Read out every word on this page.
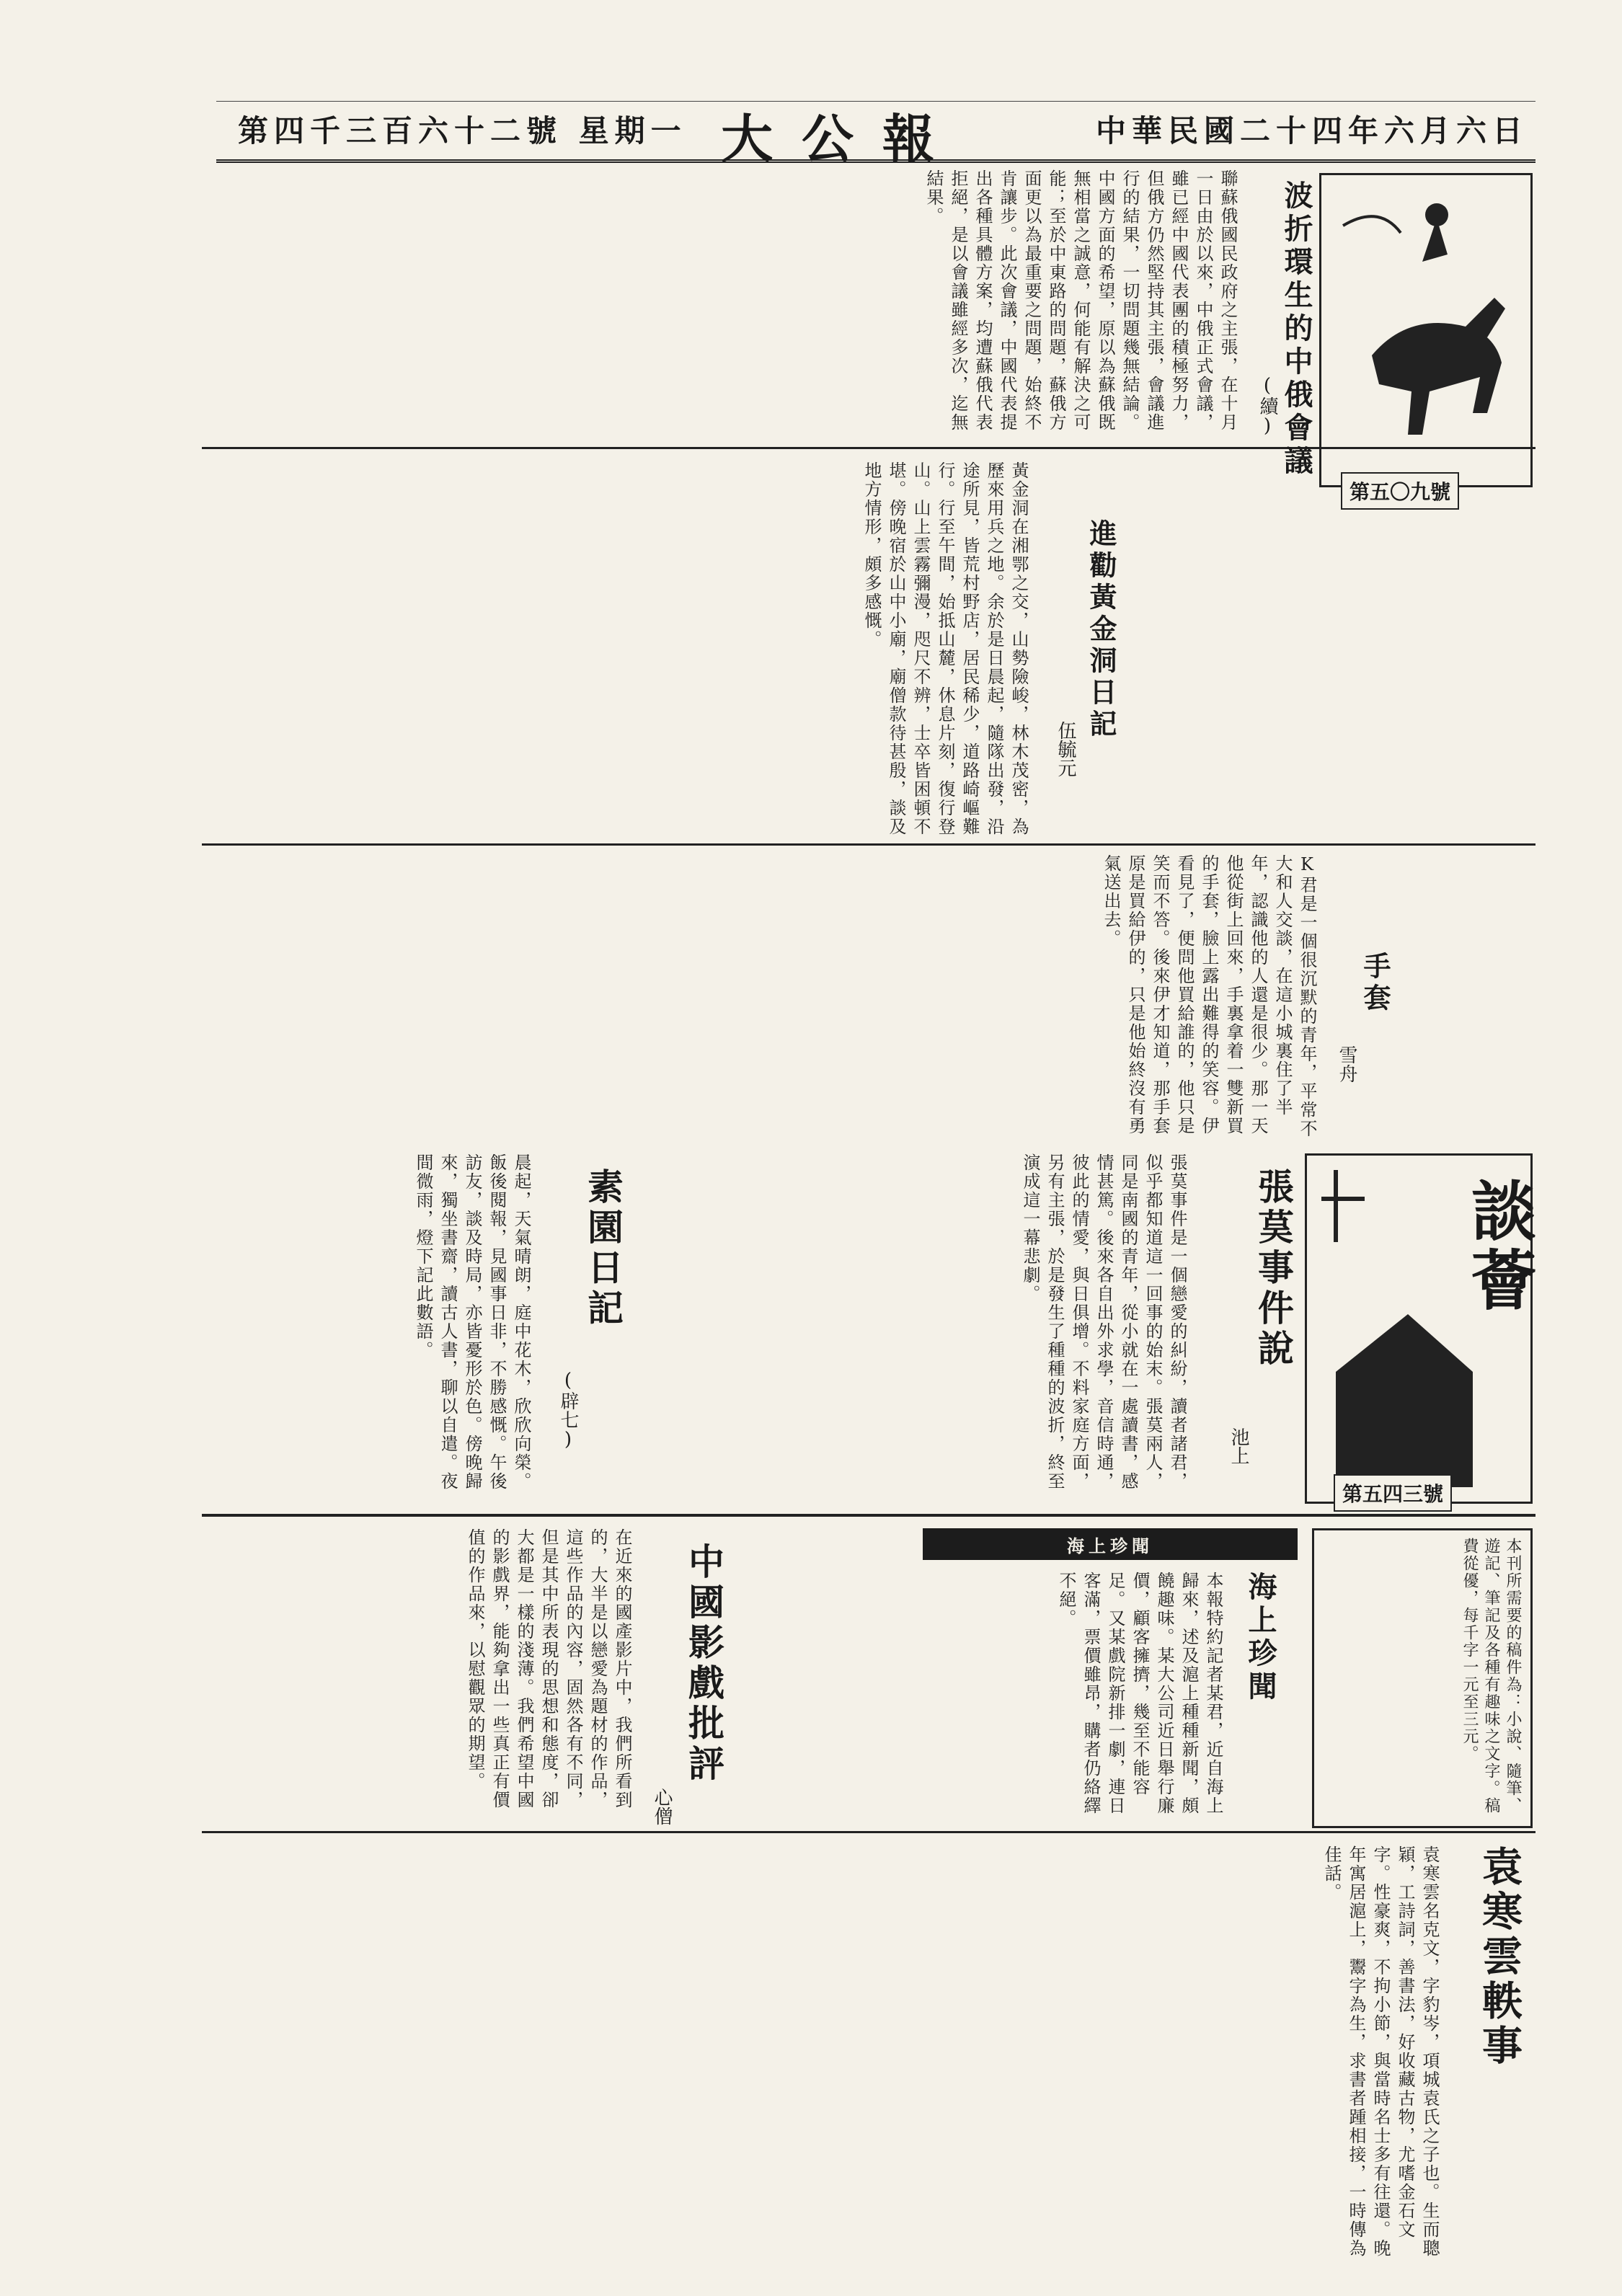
中華民國二十四年六月六日
大公報
第四千三百六十二號 星期一
第五〇九號
波折環生的中俄會議
(續)
聯蘇俄國民政府之主張，在十月一日由於以來，中俄正式會議，雖已經中國代表團的積極努力，但俄方仍然堅持其主張，會議進行的結果，一切問題幾無結論。中國方面的希望，原以為蘇俄既無相當之誠意，何能有解決之可能；至於中東路的問題，蘇俄方面更以為最重要之問題，始終不肯讓步。此次會議，中國代表提出各種具體方案，均遭蘇俄代表拒絕，是以會議雖經多次，迄無結果。
進勸黃金洞日記
伍毓元
黃金洞在湘鄂之交，山勢險峻，林木茂密，為歷來用兵之地。余於是日晨起，隨隊出發，沿途所見，皆荒村野店，居民稀少，道路崎嶇難行。行至午間，始抵山麓，休息片刻，復行登山。山上雲霧彌漫，咫尺不辨，士卒皆困頓不堪。傍晚宿於山中小廟，廟僧款待甚殷，談及地方情形，頗多感慨。
手套
雪舟
K君是一個很沉默的青年，平常不大和人交談，在這小城裏住了半年，認識他的人還是很少。那一天他從街上回來，手裏拿着一雙新買的手套，臉上露出難得的笑容。伊看見了，便問他買給誰的，他只是笑而不答。後來伊才知道，那手套原是買給伊的，只是他始終沒有勇氣送出去。
談薈
第五四三號
張茣事件說
池上
張茣事件是一個戀愛的糾紛，讀者諸君，似乎都知道這一回事的始末。張茣兩人，同是南國的青年，從小就在一處讀書，感情甚篤。後來各自出外求學，音信時通，彼此的情愛，與日俱增。不料家庭方面，另有主張，於是發生了種種的波折，終至演成這一幕悲劇。
素園日記
(辟七)
晨起，天氣晴朗，庭中花木，欣欣向榮。飯後閱報，見國事日非，不勝感慨。午後訪友，談及時局，亦皆憂形於色。傍晚歸來，獨坐書齋，讀古人書，聊以自遣。夜間微雨，燈下記此數語。
本刊所需要的稿件為：小說、隨筆、遊記、筆記及各種有趣味之文字。稿費從優，每千字一元至三元。
海上珍聞
海上珍聞
本報特約記者某君，近自海上歸來，述及滬上種種新聞，頗饒趣味。某大公司近日舉行廉價，顧客擁擠，幾至不能容足。又某戲院新排一劇，連日客滿，票價雖昂，購者仍絡繹不絕。
中國影戲批評
心僧
在近來的國產影片中，我們所看到的，大半是以戀愛為題材的作品，這些作品的內容，固然各有不同，但是其中所表現的思想和態度，卻大都是一樣的淺薄。我們希望中國的影戲界，能夠拿出一些真正有價值的作品來，以慰觀眾的期望。
袁寒雲軼事
袁寒雲名克文，字豹岑，項城袁氏之子也。生而聰穎，工詩詞，善書法，好收藏古物，尤嗜金石文字。性豪爽，不拘小節，與當時名士多有往還。晚年寓居滬上，鬻字為生，求書者踵相接，一時傳為佳話。
